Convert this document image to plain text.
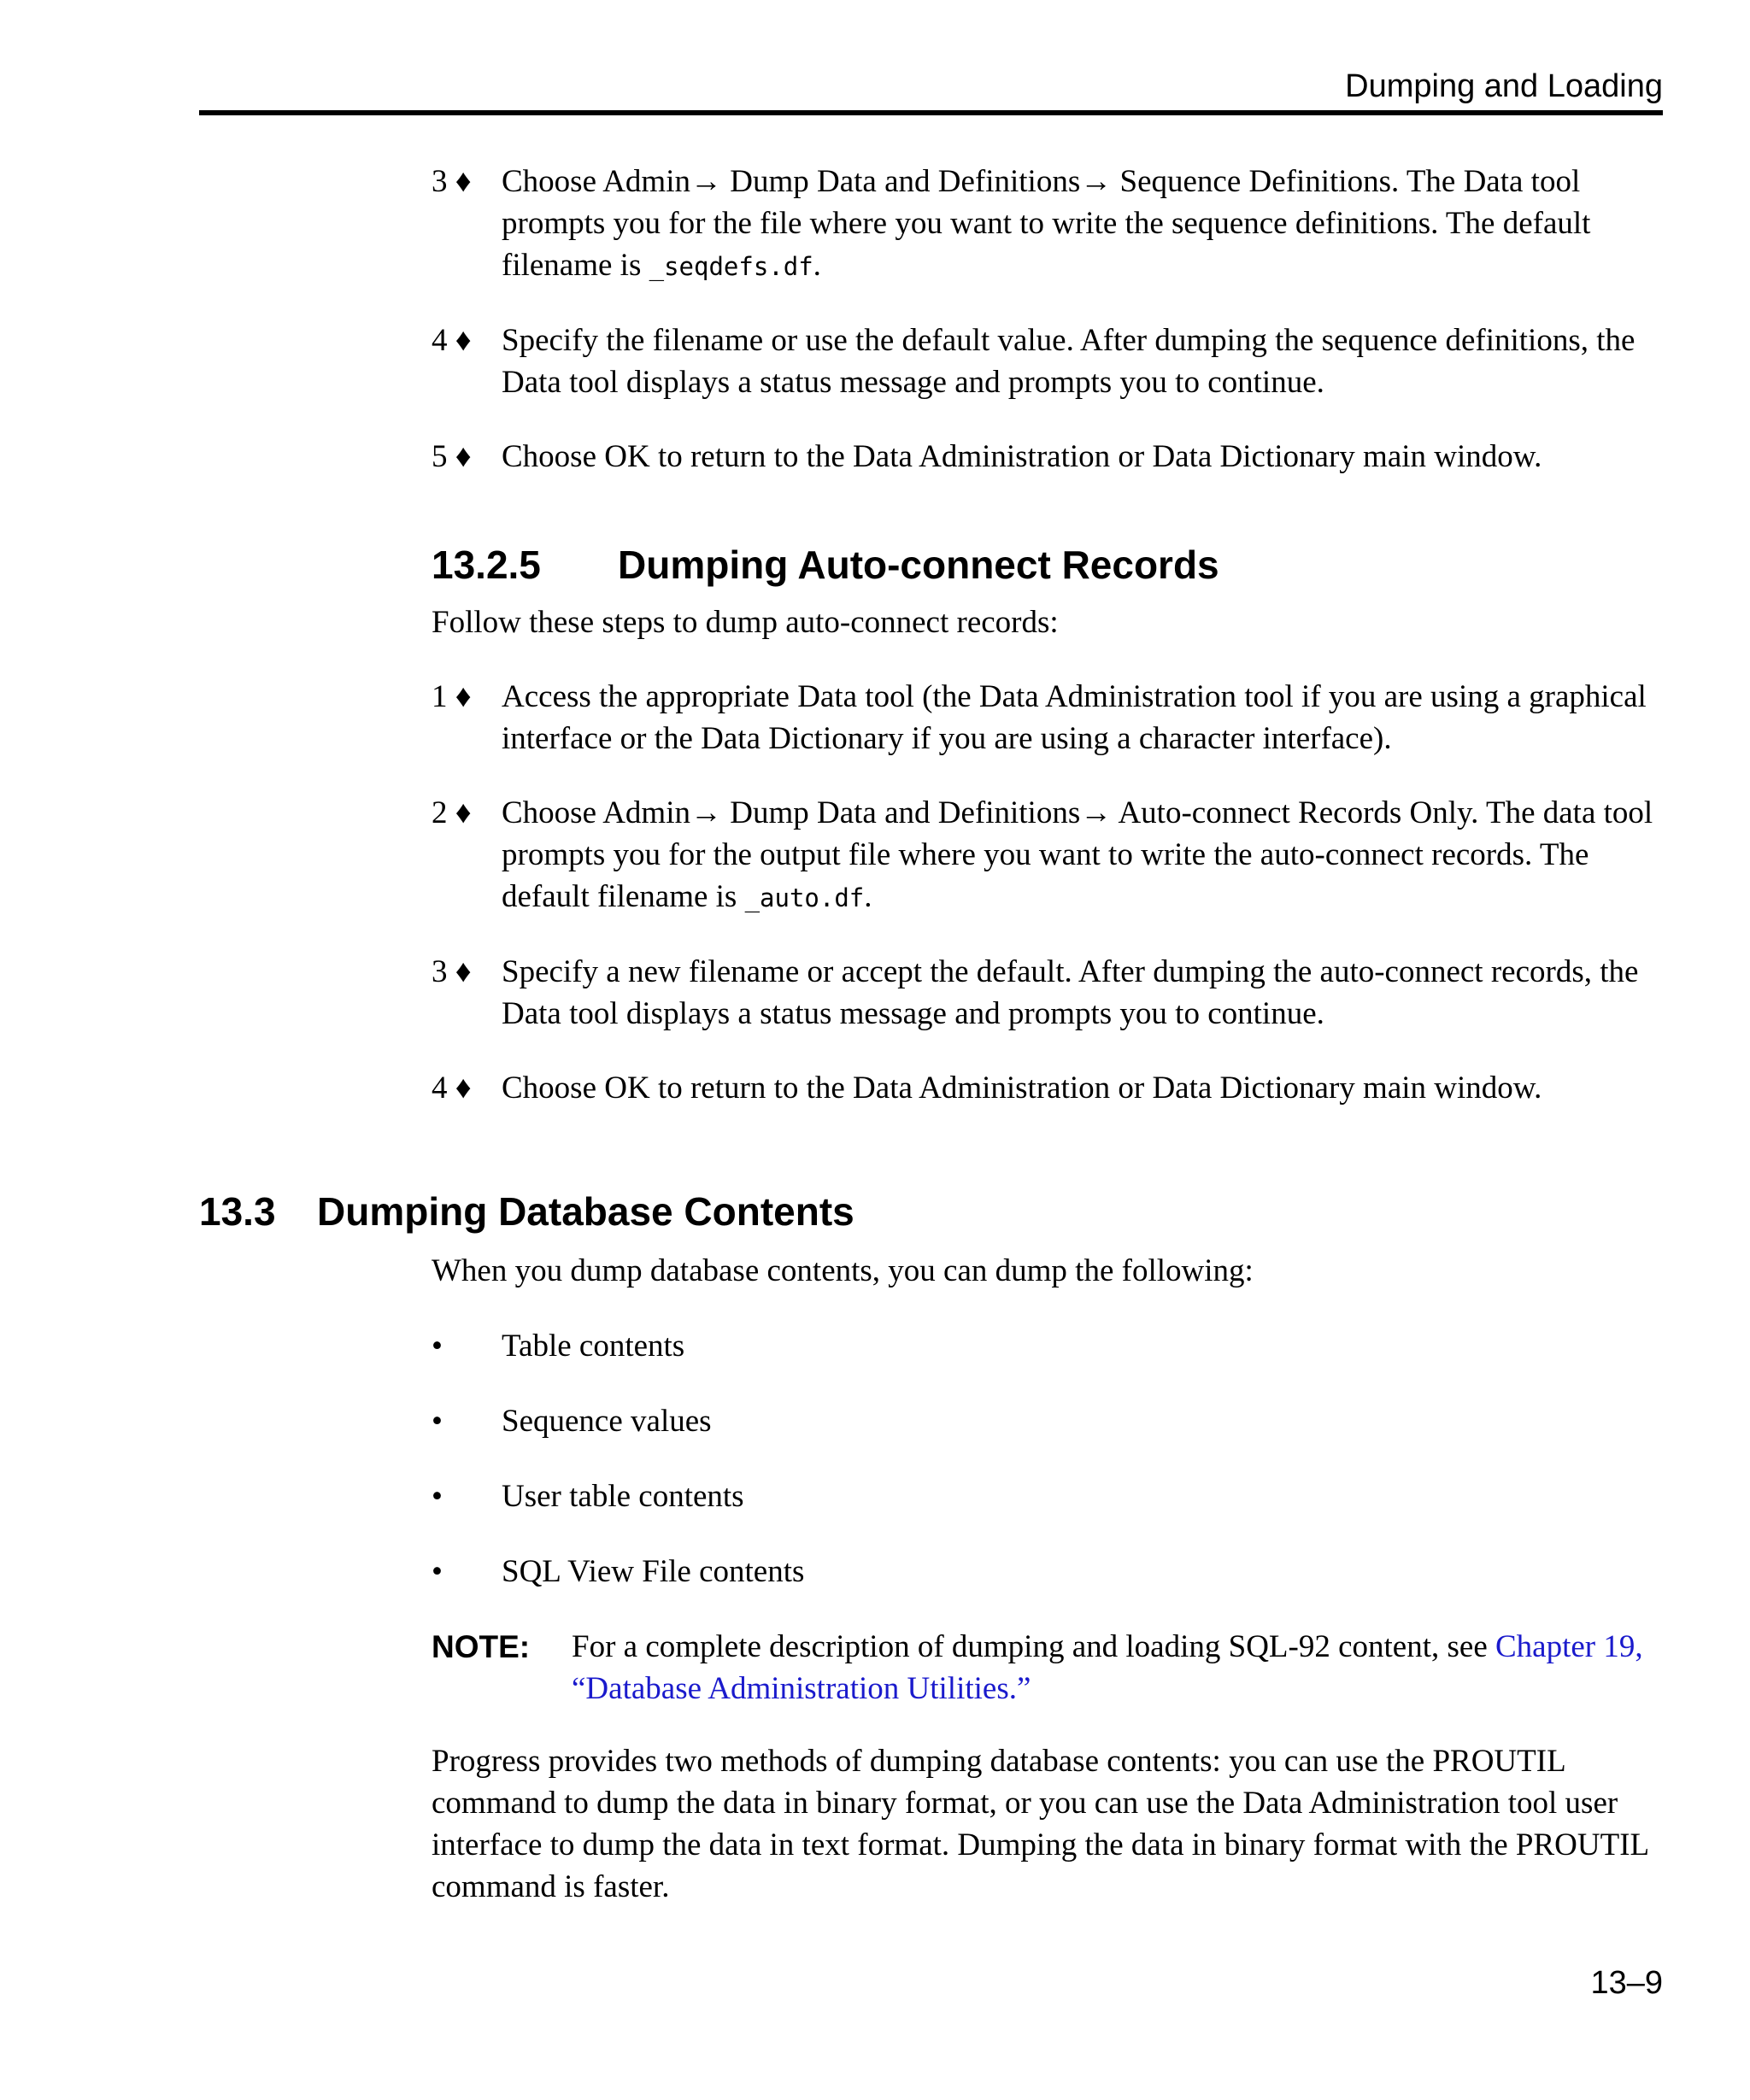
Dumping and Loading
3 ♦ Choose Admin→ Dump Data and Definitions→ Sequence Definitions. The Data tool prompts you for the file where you want to write the sequence definitions. The default filename is _seqdefs.df.
4 ♦ Specify the filename or use the default value. After dumping the sequence definitions, the Data tool displays a status message and prompts you to continue.
5 ♦ Choose OK to return to the Data Administration or Data Dictionary main window.
13.2.5 Dumping Auto-connect Records
Follow these steps to dump auto-connect records:
1 ♦ Access the appropriate Data tool (the Data Administration tool if you are using a graphical interface or the Data Dictionary if you are using a character interface).
2 ♦ Choose Admin→ Dump Data and Definitions→ Auto-connect Records Only. The data tool prompts you for the output file where you want to write the auto-connect records. The default filename is _auto.df.
3 ♦ Specify a new filename or accept the default. After dumping the auto-connect records, the Data tool displays a status message and prompts you to continue.
4 ♦ Choose OK to return to the Data Administration or Data Dictionary main window.
13.3 Dumping Database Contents
When you dump database contents, you can dump the following:
•	Table contents
•	Sequence values
•	User table contents
•	SQL View File contents
NOTE:	For a complete description of dumping and loading SQL-92 content, see Chapter 19, “Database Administration Utilities.”
Progress provides two methods of dumping database contents: you can use the PROUTIL command to dump the data in binary format, or you can use the Data Administration tool user interface to dump the data in text format. Dumping the data in binary format with the PROUTIL command is faster.
13–9
